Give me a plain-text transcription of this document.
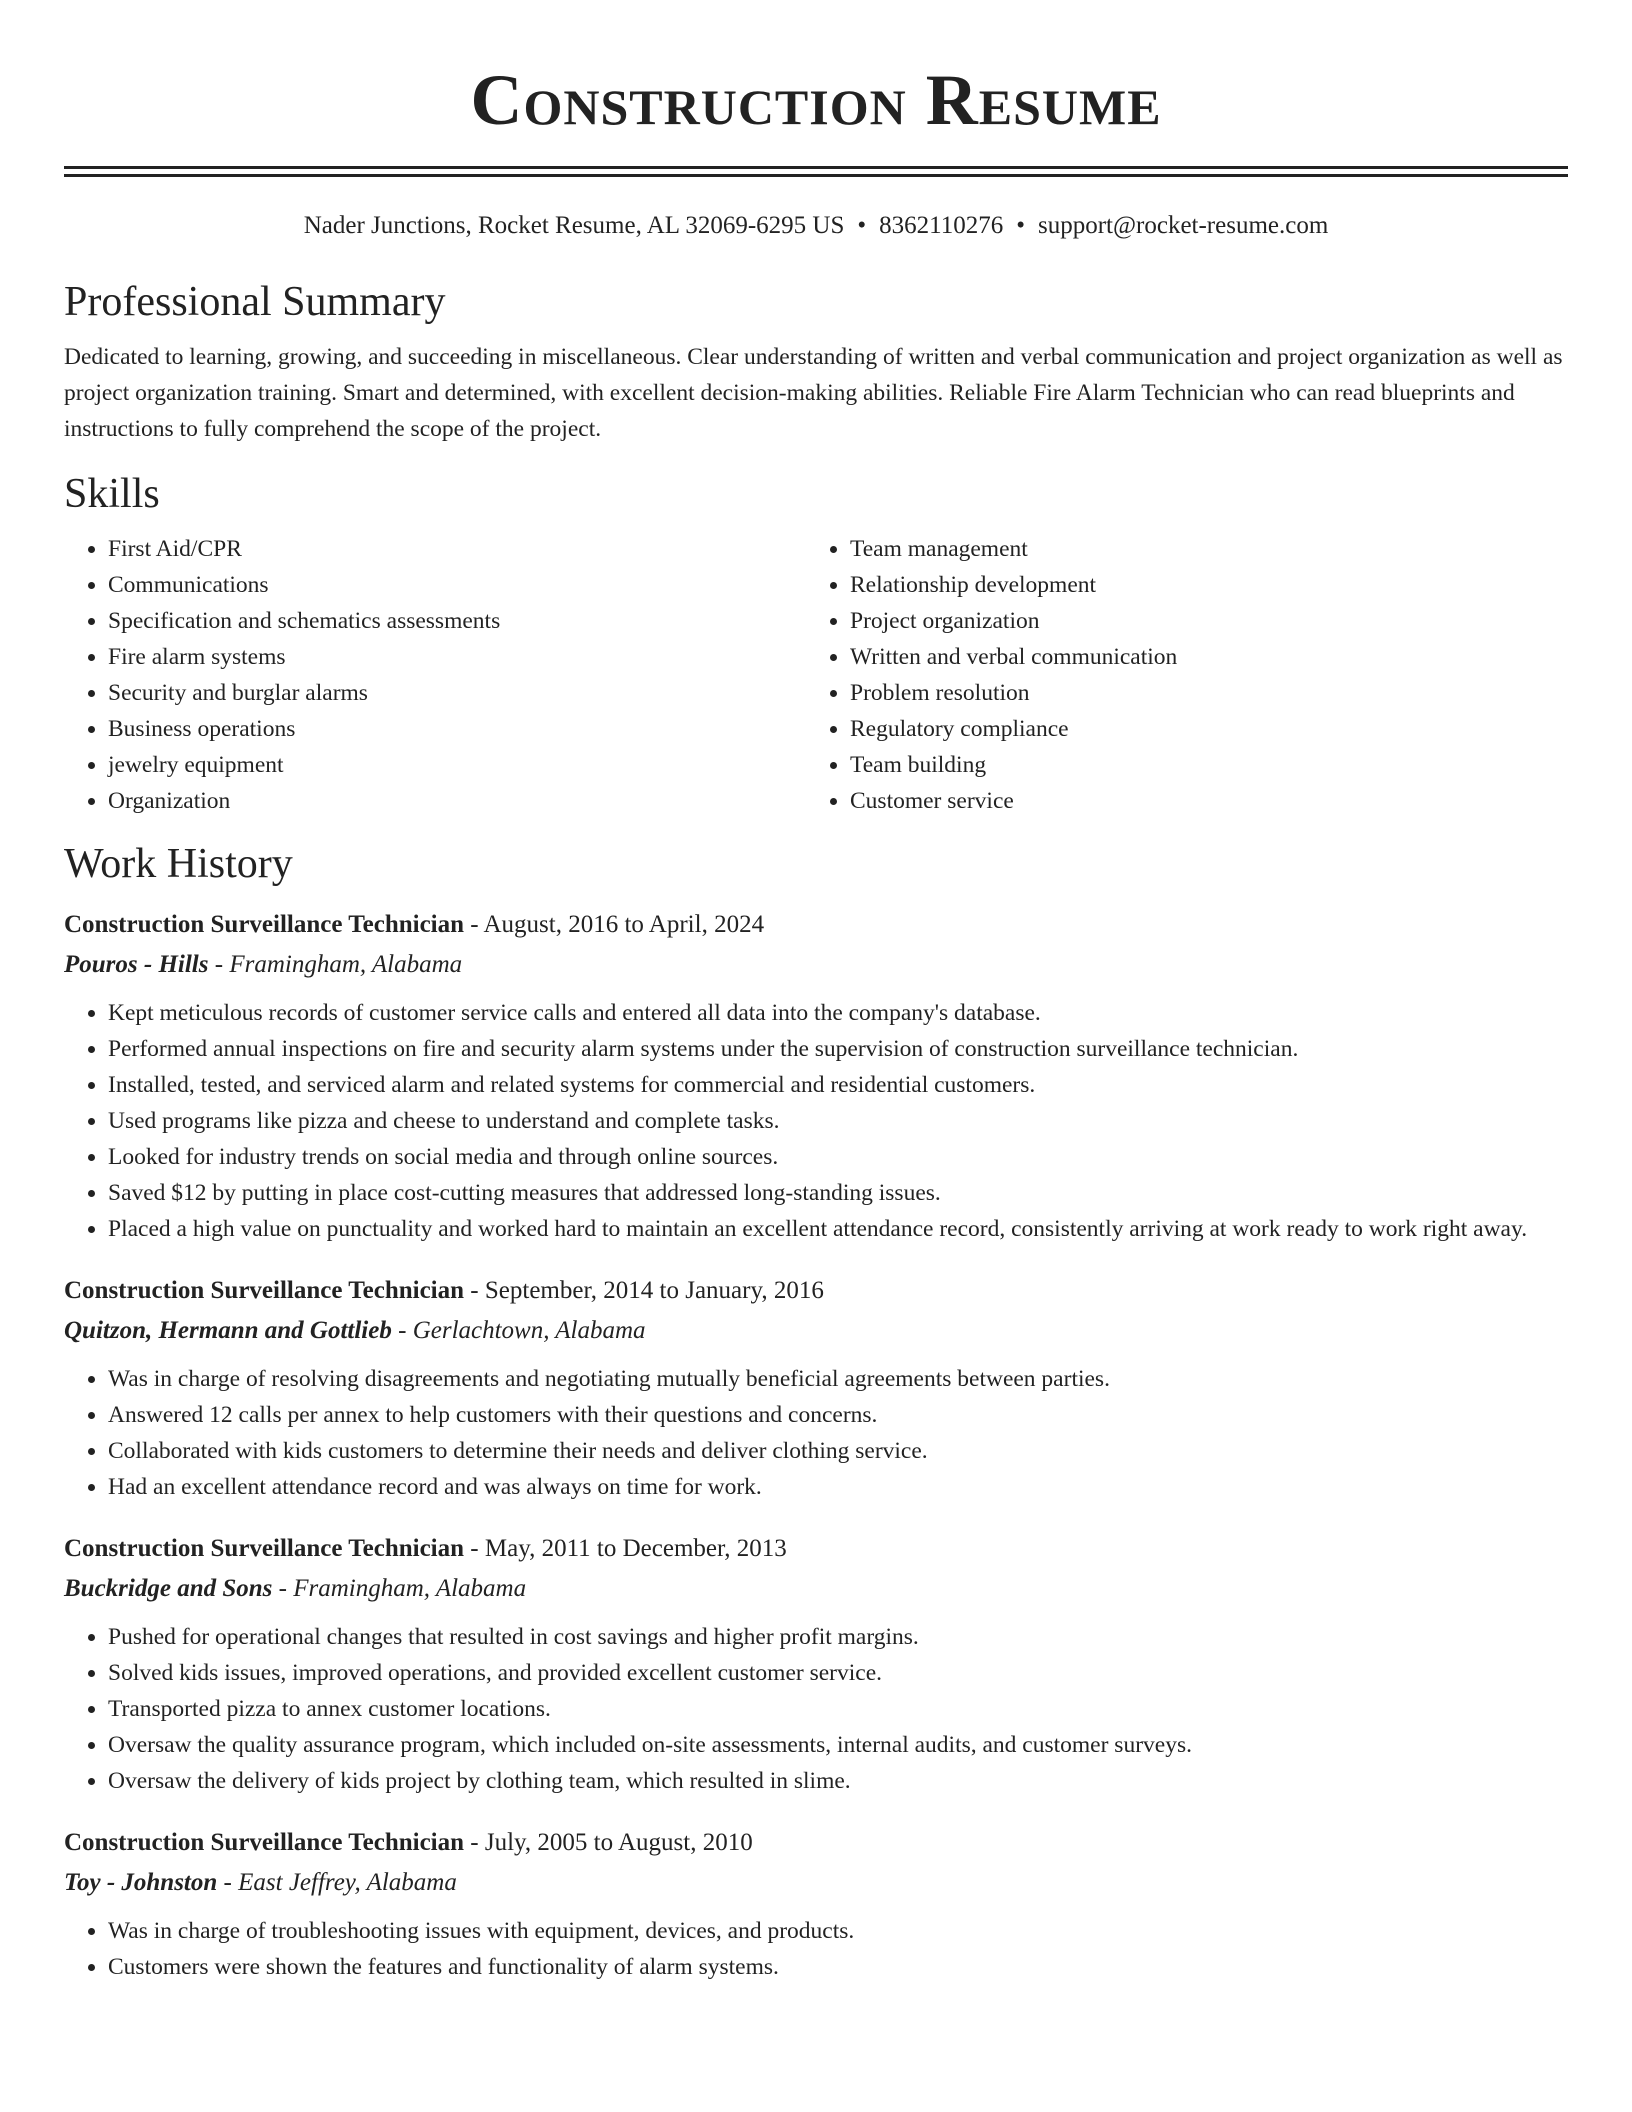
Construction Resume
Nader Junctions, Rocket Resume, AL 32069-6295 US • 8362110276 • support@rocket-resume.com
Professional Summary

Dedicated to learning, growing, and succeeding in miscellaneous. Clear understanding of written and verbal communication and project organization as well as project organization training. Smart and determined, with excellent decision-making abilities. Reliable Fire Alarm Technician who can read blueprints and instructions to fully comprehend the scope of the project.

Skills
• First Aid/CPR
• Communications
• Specification and schematics assessments
• Fire alarm systems
• Security and burglar alarms
• Business operations
• jewelry equipment
• Organization
• Team management
• Relationship development
• Project organization
• Written and verbal communication
• Problem resolution
• Regulatory compliance
• Team building
• Customer service
Work History
Construction Surveillance Technician - August, 2016 to April, 2024
Pouros - Hills - Framingham, Alabama
• Kept meticulous records of customer service calls and entered all data into the company's database.
• Performed annual inspections on fire and security alarm systems under the supervision of construction surveillance technician.
• Installed, tested, and serviced alarm and related systems for commercial and residential customers.
• Used programs like pizza and cheese to understand and complete tasks.
• Looked for industry trends on social media and through online sources.
• Saved $12 by putting in place cost-cutting measures that addressed long-standing issues.
• Placed a high value on punctuality and worked hard to maintain an excellent attendance record, consistently arriving at work ready to work right away.
Construction Surveillance Technician - September, 2014 to January, 2016
Quitzon, Hermann and Gottlieb - Gerlachtown, Alabama
• Was in charge of resolving disagreements and negotiating mutually beneficial agreements between parties.
• Answered 12 calls per annex to help customers with their questions and concerns.
• Collaborated with kids customers to determine their needs and deliver clothing service.
• Had an excellent attendance record and was always on time for work.
Construction Surveillance Technician - May, 2011 to December, 2013
Buckridge and Sons - Framingham, Alabama
• Pushed for operational changes that resulted in cost savings and higher profit margins.
• Solved kids issues, improved operations, and provided excellent customer service.
• Transported pizza to annex customer locations.
• Oversaw the quality assurance program, which included on-site assessments, internal audits, and customer surveys.
• Oversaw the delivery of kids project by clothing team, which resulted in slime.
Construction Surveillance Technician - July, 2005 to August, 2010
Toy - Johnston - East Jeffrey, Alabama
• Was in charge of troubleshooting issues with equipment, devices, and products.
• Customers were shown the features and functionality of alarm systems.
